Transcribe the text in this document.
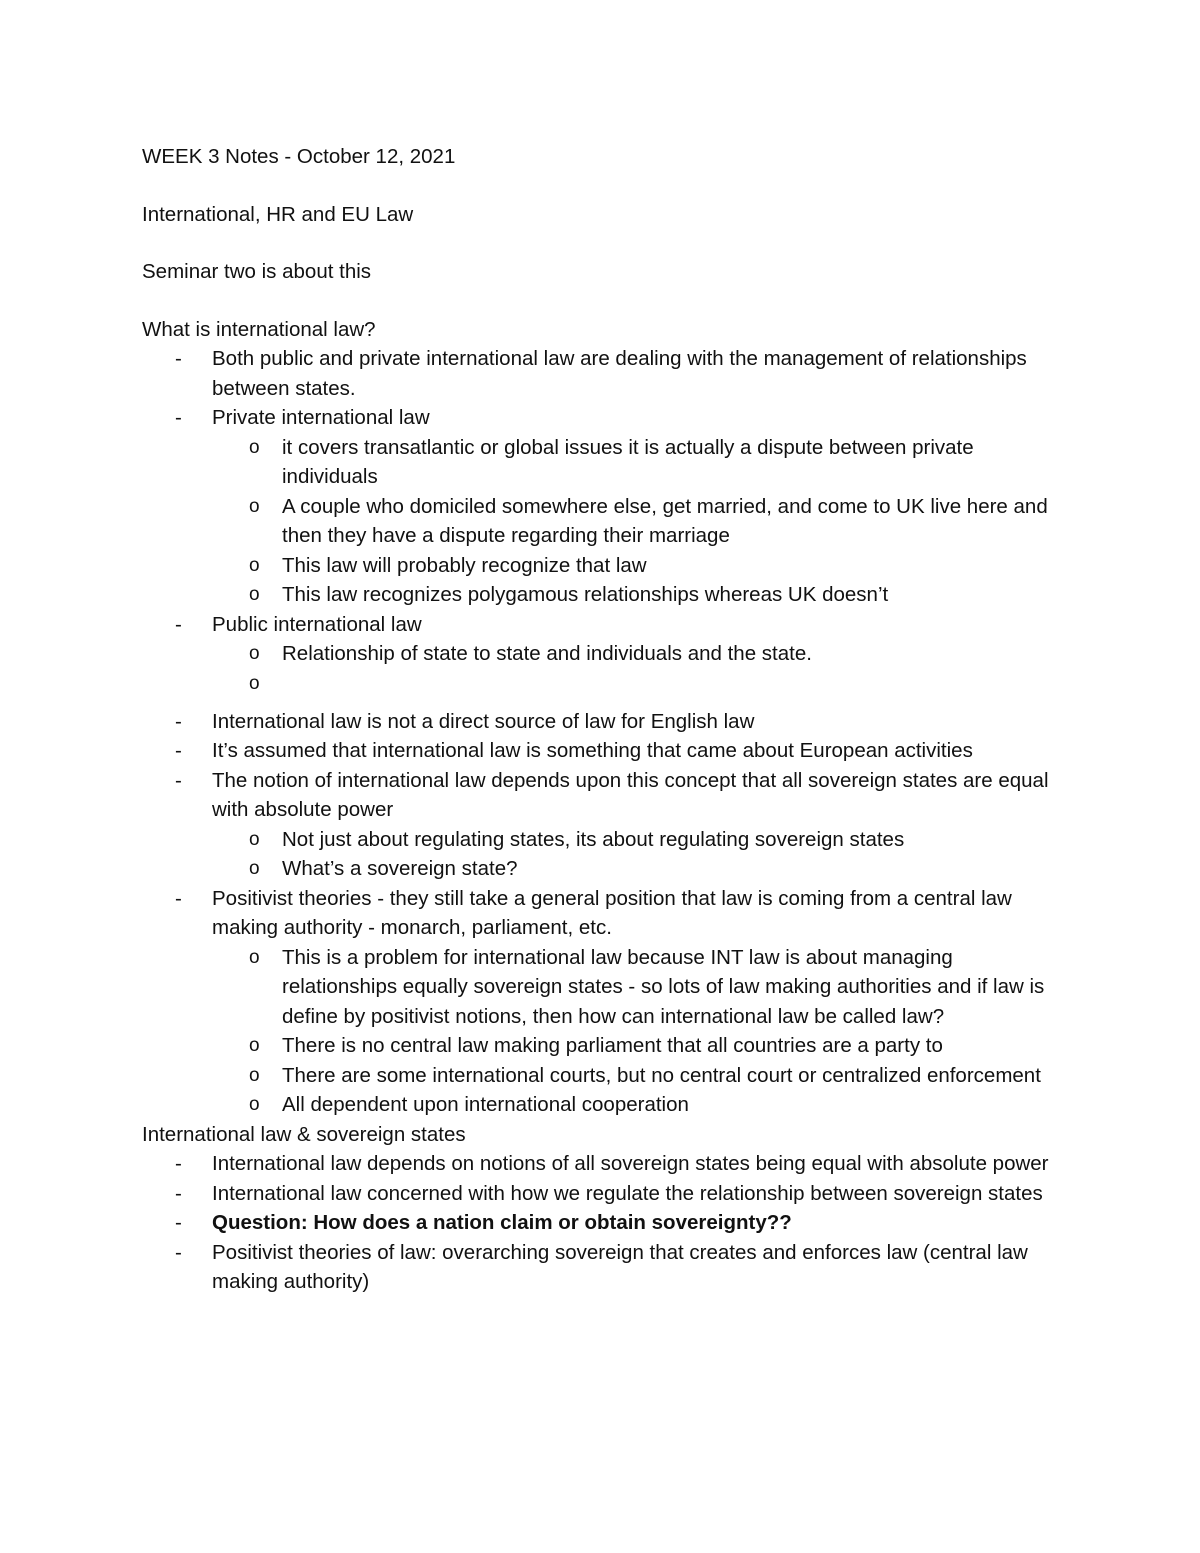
WEEK 3 Notes - October 12, 2021

International, HR and EU Law

Seminar two is about this

What is international law?

- Both public and private international law are dealing with the management of relationships between states.
- Private international law
o it covers transatlantic or global issues it is actually a dispute between private individuals
o A couple who domiciled somewhere else, get married, and come to UK live here and then they have a dispute regarding their marriage
o This law will probably recognize that law
o This law recognizes polygamous relationships whereas UK doesn’t
- Public international law
o Relationship of state to state and individuals and the state.
o
- International law is not a direct source of law for English law
- It’s assumed that international law is something that came about European activities
- The notion of international law depends upon this concept that all sovereign states are equal with absolute power
o Not just about regulating states, its about regulating sovereign states
o What’s a sovereign state?
- Positivist theories - they still take a general position that law is coming from a central law making authority - monarch, parliament, etc.
o This is a problem for international law because INT law is about managing relationships equally sovereign states - so lots of law making authorities and if law is define by positivist notions, then how can international law be called law?
o There is no central law making parliament that all countries are a party to
o There are some international courts, but no central court or centralized enforcement
o All dependent upon international cooperation

International law & sovereign states

- International law depends on notions of all sovereign states being equal with absolute power
- International law concerned with how we regulate the relationship between sovereign states
- Question: How does a nation claim or obtain sovereignty??
- Positivist theories of law: overarching sovereign that creates and enforces law (central law making authority)
